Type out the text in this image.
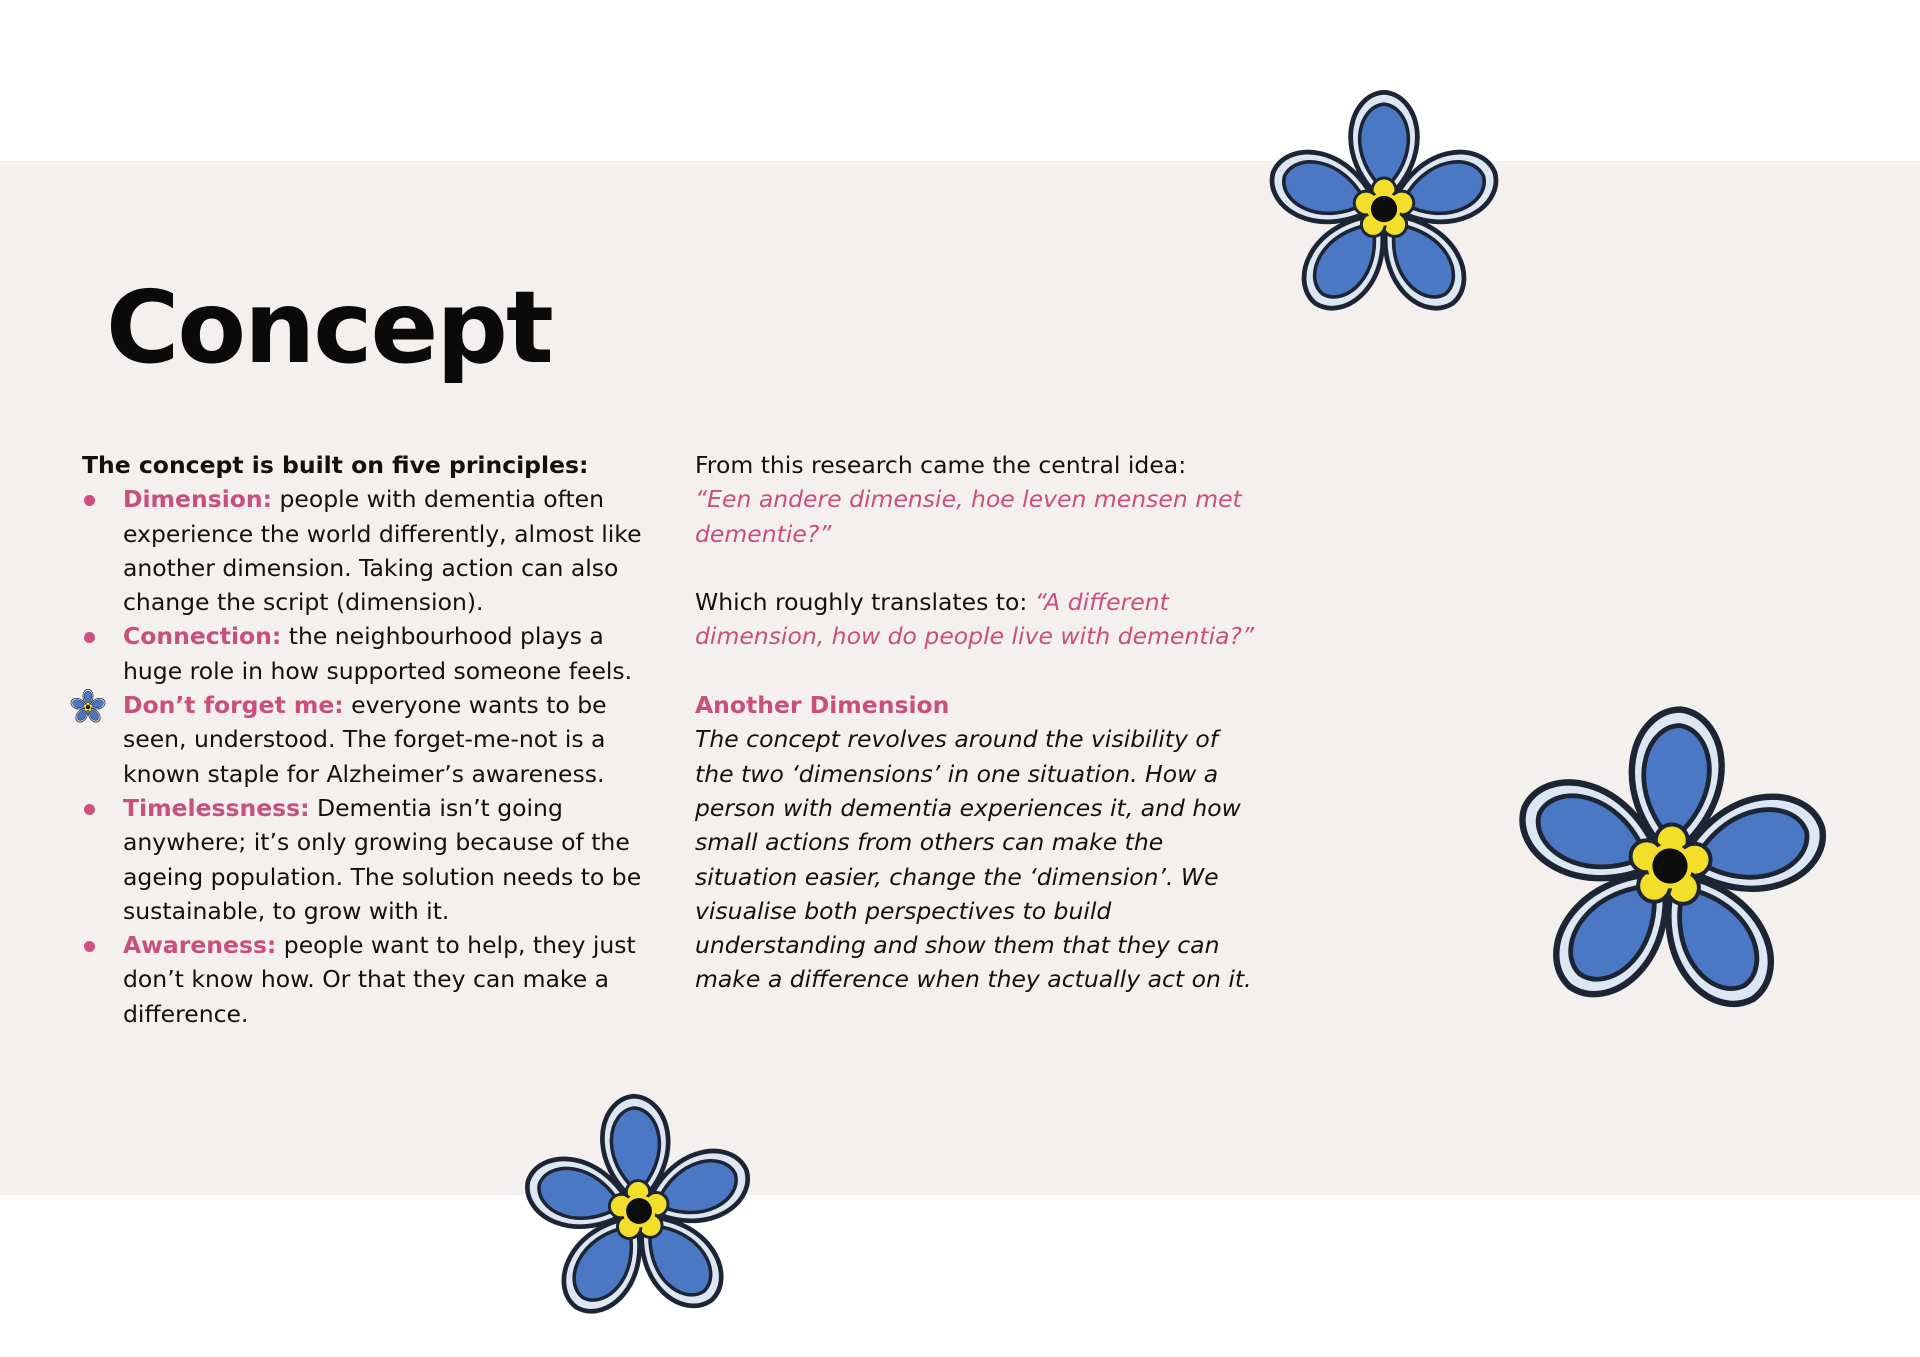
Concept

The concept is built on five principles:

Dimension: people with dementia often experience the world differently, almost like another dimension. Taking action can also change the script (dimension).
Connection: the neighbourhood plays a huge role in how supported someone feels.
Don’t forget me: everyone wants to be seen, understood. The forget-me-not is a known staple for Alzheimer’s awareness.
Timelessness: Dementia isn’t going anywhere; it’s only growing because of the ageing population. The solution needs to be sustainable, to grow with it.
Awareness: people want to help, they just don’t know how. Or that they can make a difference.

From this research came the central idea:

“Een andere dimensie, hoe leven mensen met dementie?”

Which roughly translates to: “A different dimension, how do people live with dementia?”

Another Dimension

The concept revolves around the visibility of the two ‘dimensions’ in one situation. How a person with dementia experiences it, and how small actions from others can make the situation easier, change the ‘dimension’. We visualise both perspectives to build understanding and show them that they can make a difference when they actually act on it.
